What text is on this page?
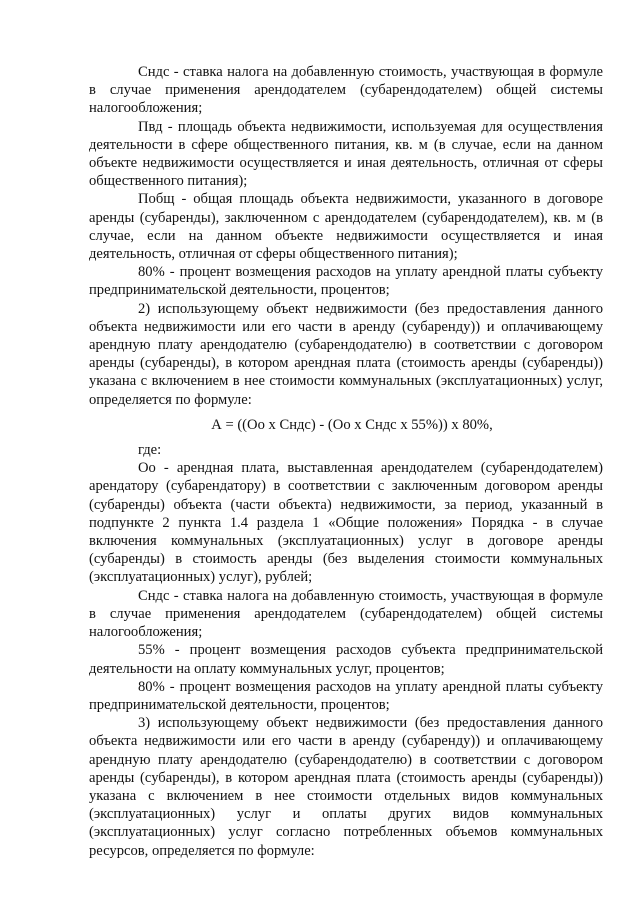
Cндс - ставка налога на добавленную стоимость, участвующая в формуле в случае применения арендодателем (субарендодателем) общей системы налогообложения;

Пвд - площадь объекта недвижимости, используемая для осуществления деятельности в сфере общественного питания, кв. м (в случае, если на данном объекте недвижимости осуществляется и иная деятельность, отличная от сферы общественного питания);

Побщ - общая площадь объекта недвижимости, указанного в договоре аренды (субаренды), заключенном с арендодателем (субарендодателем), кв. м (в случае, если на данном объекте недвижимости осуществляется и иная деятельность, отличная от сферы общественного питания);

80% - процент возмещения расходов на уплату арендной платы субъекту предпринимательской деятельности, процентов;

2) использующему объект недвижимости (без предоставления данного объекта недвижимости или его части в аренду (субаренду)) и оплачивающему арендную плату арендодателю (субарендодателю) в соответствии с договором аренды (субаренды), в котором арендная плата (стоимость аренды (субаренды)) указана с включением в нее стоимости коммунальных (эксплуатационных) услуг, определяется по формуле:

А = ((Оо х Cндс) - (Оо х Cндс х 55%)) х 80%,

где:

Оо - арендная плата, выставленная арендодателем (субарендодателем) арендатору (субарендатору) в соответствии с заключенным договором аренды (субаренды) объекта (части объекта) недвижимости, за период, указанный в подпункте 2 пункта 1.4 раздела 1 «Общие положения» Порядка - в случае включения коммунальных (эксплуатационных) услуг в договоре аренды (субаренды) в стоимость аренды (без выделения стоимости коммунальных (эксплуатационных) услуг), рублей;

Cндс - ставка налога на добавленную стоимость, участвующая в формуле в случае применения арендодателем (субарендодателем) общей системы налогообложения;

55% - процент возмещения расходов субъекта предпринимательской деятельности на оплату коммунальных услуг, процентов;

80% - процент возмещения расходов на уплату арендной платы субъекту предпринимательской деятельности, процентов;

3) использующему объект недвижимости (без предоставления данного объекта недвижимости или его части в аренду (субаренду)) и оплачивающему арендную плату арендодателю (субарендодателю) в соответствии с договором аренды (субаренды), в котором арендная плата (стоимость аренды (субаренды)) указана с включением в нее стоимости отдельных видов коммунальных (эксплуатационных) услуг и оплаты других видов коммунальных (эксплуатационных) услуг согласно потребленных объемов коммунальных ресурсов, определяется по формуле:
